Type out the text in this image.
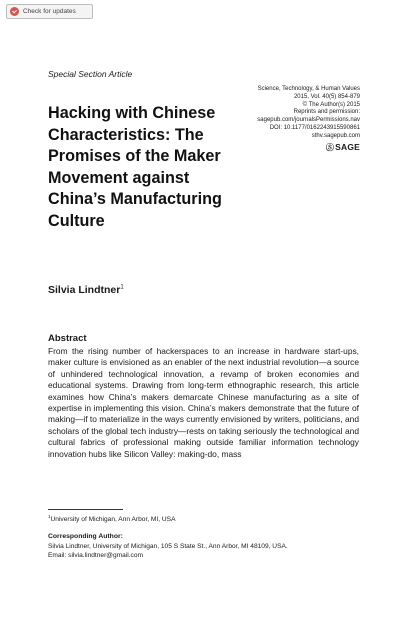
Check for updates
Special Section Article
Hacking with Chinese Characteristics: The Promises of the Maker Movement against China’s Manufacturing Culture
Science, Technology, & Human Values
2015, Vol. 40(5) 854-879
© The Author(s) 2015
Reprints and permission:
sagepub.com/journalsPermissions.nav
DOI: 10.1177/0162243915590861
sthv.sagepub.com
ⓈSAGE
Silvia Lindtner$^1$
Abstract

From the rising number of hackerspaces to an increase in hardware start-ups, maker culture is envisioned as an enabler of the next industrial revolution—a source of unhindered technological innovation, a revamp of broken economies and educational systems. Drawing from long-term ethnographic research, this article examines how China’s makers demarcate Chinese manufacturing as a site of expertise in implementing this vision. China’s makers demonstrate that the future of making—if to materialize in the ways currently envisioned by writers, politicians, and scholars of the global tech industry—rests on taking seriously the technological and cultural fabrics of professional making outside familiar information technology innovation hubs like Silicon Valley: making-do, mass

$^1$University of Michigan, Ann Arbor, MI, USA
Corresponding Author:
Silvia Lindtner, University of Michigan, 105 S State St., Ann Arbor, MI 48109, USA.
Email: silvia.lindtner@gmail.com
